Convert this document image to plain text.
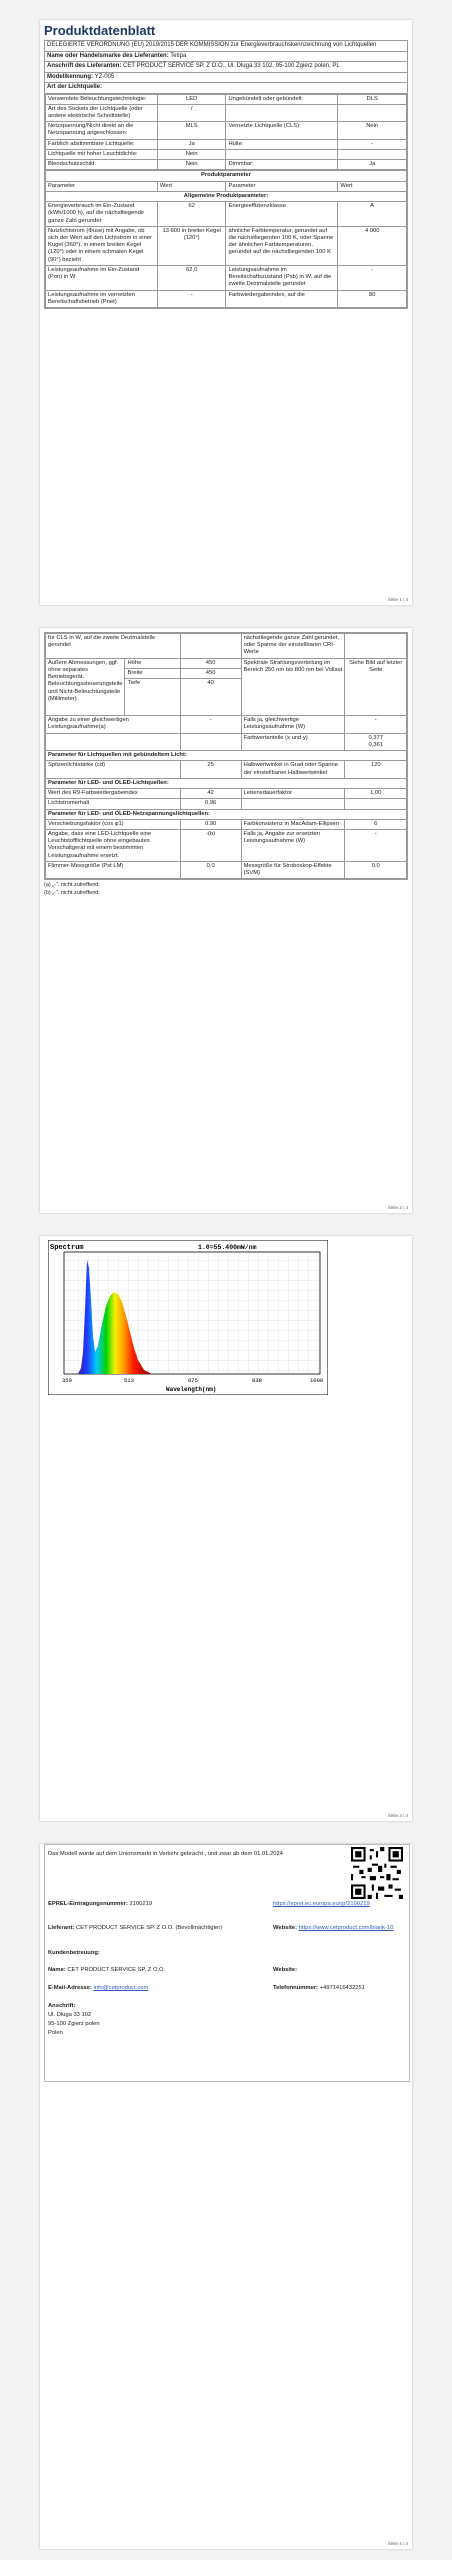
Produktdatenblatt
DELEGIERTE VERORDNUNG (EU) 2019/2015 DER KOMMISSION zur Energieverbrauchskennzeichnung von Lichtquellen
Name oder Handelsmarke des Lieferanten: Tetipa
Anschrift des Lieferanten: CET PRODUCT SERVICE SP. Z O.O., Ul. Dluga 33 102, 95-100 Zgierz polen, PL
Modellkennung: YZ-005
Art der Lichtquelle:
Verwendete Beleuchtungstechnologie:	LED	Ungebündelt oder gebündelt:	DLS
Art des Sockels der Lichtquelle (oder andere elektrische Schnittstelle)	/		
Netzspannung/Nicht direkt an die Netzspannung angeschlossen:	MLS	Vernetzte Lichtquelle (CLS):	Nein
Farblich abstimmbare Lichtquelle:	Ja	Hülle:	-
Lichtquelle mit hoher Leuchtdichte:	Nein		
Blendschutzschild:	Nein	Dimmbar:	Ja
Produktparameter			
Parameter	Wert	Parameter	Wert
Allgemeine Produktparameter:			
Energieverbrauch im Ein-Zustand (kWh/1000 h), auf die nächstliegende ganze Zahl gerundet	62	Energieeffizienzklasse	A
Nutzlichtstrom (Φuse) mit Angabe, ob sich der Wert auf den Lichtstrom in einer Kugel (360°), in einem breiten Kegel (120°) oder in einem schmalen Kegel (90°) bezieht	13 600 in breiter Kegel (120°)	ähnliche Farbtemperatur, gerundet auf die nächstliegenden 100 K, oder Spanne der ähnlichen Farbtemperaturen, gerundet auf die nächstliegenden 100 K	4 000
Leistungsaufnahme im Ein-Zustand (Pon) in W	62,0	Leistungsaufnahme im Bereitschaftszustand (Psb) in W, auf die zweite Dezimalstelle gerundet	-
Leistungsaufnahme im vernetzten Bereitschaftsbetrieb (Pnet)	-	Farbwiedergabeindex, auf die	80
Seite 1 / 4
für CLS in W, auf die zweite Dezimalstelle gerundet			nächstliegende ganze Zahl gerundet, oder Spanne der einstellbaren CRI-Werte	
Äußere Abmessungen, ggf. ohne separates Betriebsgerät, Beleuchtungssteuerungsteile und Nicht-Beleuchtungsteile (Millimeter)	Höhe	450	Spektrale Strahlungsverteilung im Bereich 250 nm bis 800 nm bei Vollast	Siehe Bild auf letzter Seite
	Breite	450		
	Tiefe	40		
Angabe zu einer gleichwertigen Leistungsaufnahme(a)		-	Falls ja, gleichwertige Leistungsaufnahme (W)	-
			Farbwertanteile (x und y)	0,377
0,361
Parameter für Lichtquellen mit gebündeltem Licht:				
Spitzenlichtstärke (cd)		25	Halbwertwinkel in Grad oder Spanne der einstellbaren Halbwertwinkel	120
Parameter für LED- und OLED-Lichtquellen:				
Wert des R9-Farbwiedergabeindex		42	Lebensdauerfaktor	1,00
Lichtstromerhalt		0,96		
Parameter für LED- und OLED-Netzspannungslichtquellen:				
Verschiebungsfaktor (cos φ1)		0,90	Farbkonsistenz in MacAdam-Ellipsen	6
Angabe, dass eine LED-Lichtquelle eine Leuchtstofflichtquelle ohne eingebautes Vorschaltgerät mit einem bestimmten Leistungsaufnahme ersetzt.		-(b)	Falls ja, Angabe zur ersetzten Leistungsaufnahme (W)	-
Flimmer-Messgröße (Pst LM)		0,0	Messgröße für Stroboskop-Effekte (SVM)	0,0
(a) „-“: nicht zutreffend;
(b) „-“: nicht zutreffend;
Seite 2 / 4
Spectrum	1.0=55.400mW/nm
350	513	675	838	1000
Wavelength(nm)
Seite 3 / 4
Das Modell wurde auf dem Unionsmarkt in Verkehr gebracht , und zwar ab dem 01.01.2024
EPREL-Eintragungsnummer: 2100219	https://eprel.ec.europa.eu/qr/2100219
Lieferant: CET PRODUCT SERVICE SP. Z O.O. (Bevollmächtigter)	Website: https://www.cetproduct.com/blank-10
Kundenbetreuung:
Name: CET PRODUCT SERVICE SP. Z O.O.	Website:
E-Mail-Adresse: info@cetproduct.com	Telefonnummer: +4971416432251
Anschrift:
Ul. Dluga 33 102
95-100 Zgierz polen
Polen
Seite 4 / 4
